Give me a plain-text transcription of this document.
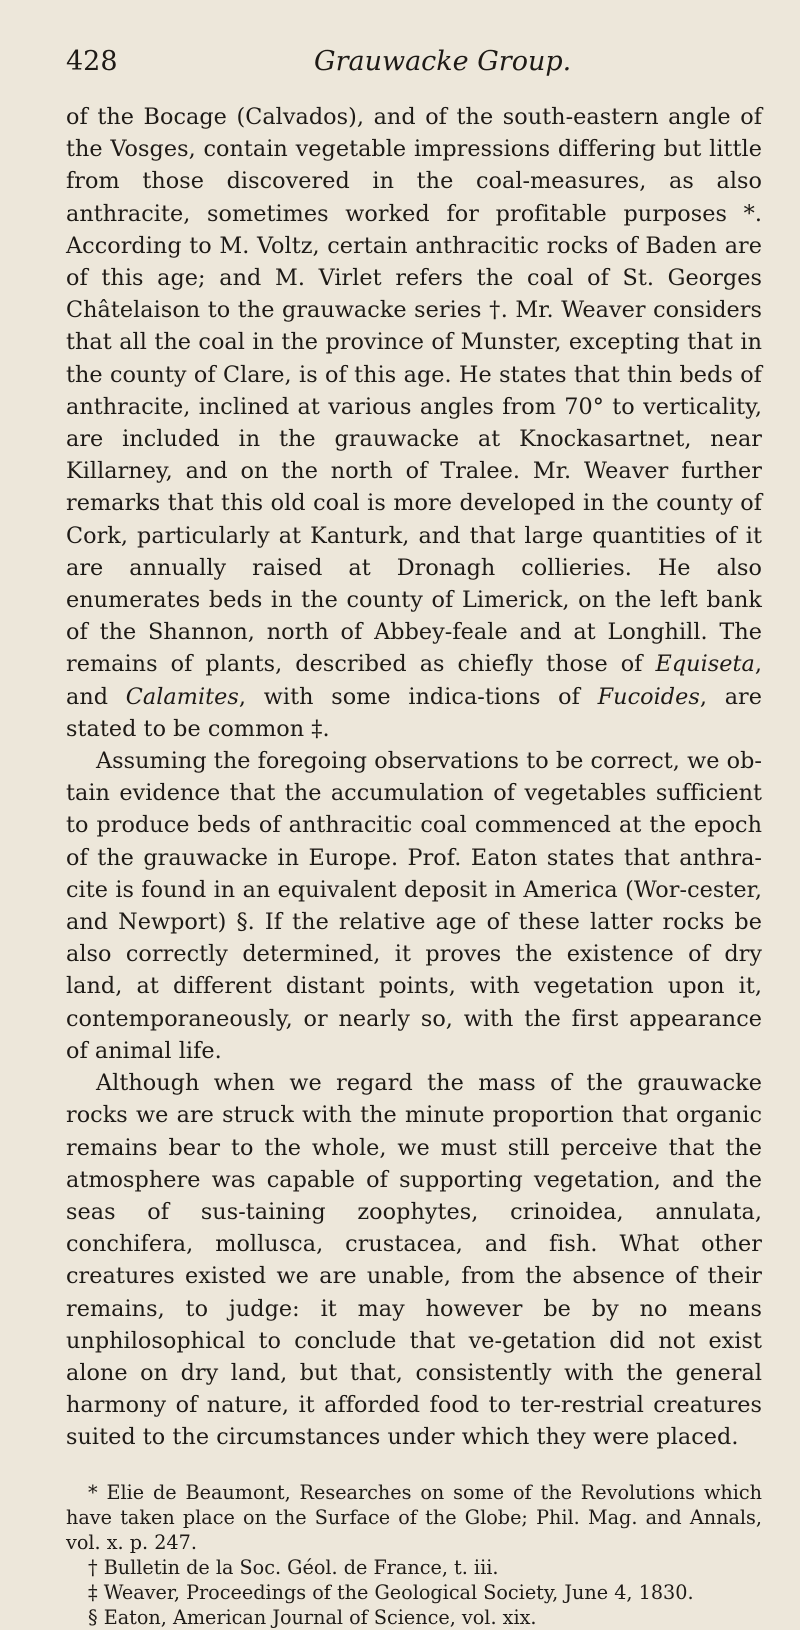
428	Grauwacke Group.

of the Bocage (Calvados), and of the south-eastern angle of the Vosges, contain vegetable impressions differing but little from those discovered in the coal-measures, as also anthracite, sometimes worked for profitable purposes *. According to M. Voltz, certain anthracitic rocks of Baden are of this age; and M. Virlet refers the coal of St. Georges Châtelaison to the grauwacke series †. Mr. Weaver considers that all the coal in the province of Munster, excepting that in the county of Clare, is of this age. He states that thin beds of anthracite, inclined at various angles from 70° to verticality, are included in the grauwacke at Knockasartnet, near Killarney, and on the north of Tralee. Mr. Weaver further remarks that this old coal is more developed in the county of Cork, particularly at Kanturk, and that large quantities of it are annually raised at Dronagh collieries. He also enumerates beds in the county of Limerick, on the left bank of the Shannon, north of Abbey-feale and at Longhill. The remains of plants, described as chiefly those of Equiseta, and Calamites, with some indica-tions of Fucoides, are stated to be common ‡.

Assuming the foregoing observations to be correct, we ob-tain evidence that the accumulation of vegetables sufficient to produce beds of anthracitic coal commenced at the epoch of the grauwacke in Europe. Prof. Eaton states that anthra-cite is found in an equivalent deposit in America (Wor-cester, and Newport) §. If the relative age of these latter rocks be also correctly determined, it proves the existence of dry land, at different distant points, with vegetation upon it, contemporaneously, or nearly so, with the first appearance of animal life.

Although when we regard the mass of the grauwacke rocks we are struck with the minute proportion that organic remains bear to the whole, we must still perceive that the atmosphere was capable of supporting vegetation, and the seas of sus-taining zoophytes, crinoidea, annulata, conchifera, mollusca, crustacea, and fish. What other creatures existed we are unable, from the absence of their remains, to judge: it may however be by no means unphilosophical to conclude that ve-getation did not exist alone on dry land, but that, consistently with the general harmony of nature, it afforded food to ter-restrial creatures suited to the circumstances under which they were placed.

* Elie de Beaumont, Researches on some of the Revolutions which have taken place on the Surface of the Globe; Phil. Mag. and Annals, vol. x. p. 247.

† Bulletin de la Soc. Géol. de France, t. iii.

‡ Weaver, Proceedings of the Geological Society, June 4, 1830.

§ Eaton, American Journal of Science, vol. xix.
